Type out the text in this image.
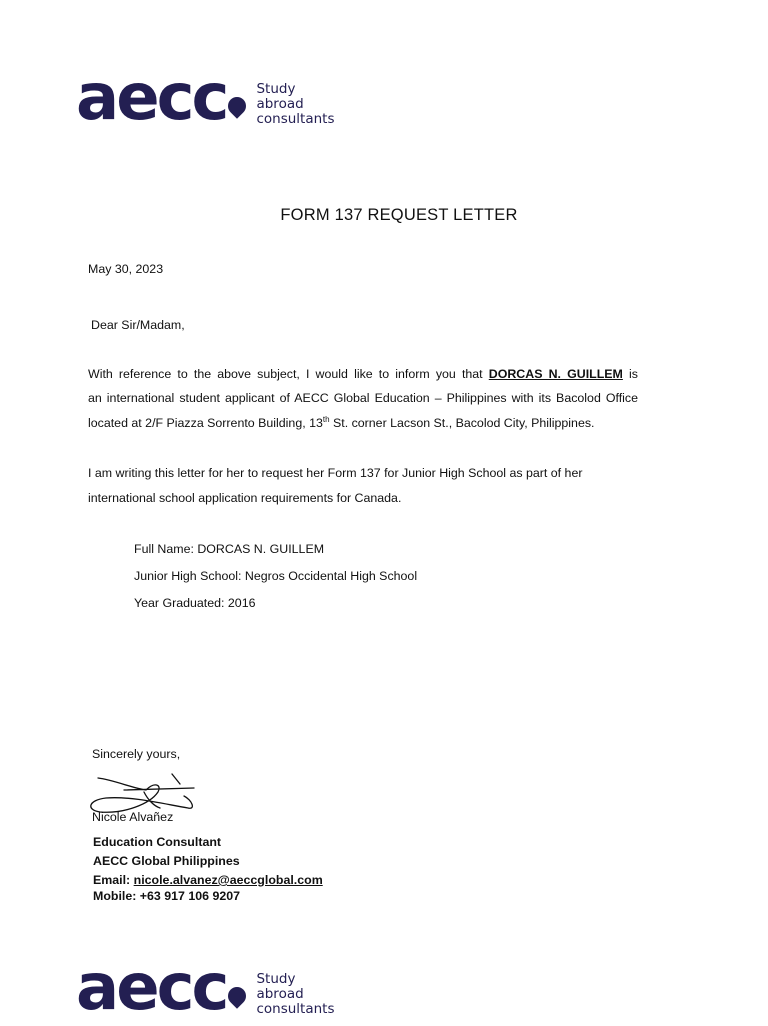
aecc Study
abroad
consultants
FORM 137 REQUEST LETTER
May 30, 2023
Dear Sir/Madam,
With reference to the above subject, I would like to inform you that DORCAS N. GUILLEM is
an international student applicant of AECC Global Education – Philippines with its Bacolod Office
located at 2/F Piazza Sorrento Building, 13th St. corner Lacson St., Bacolod City, Philippines.
I am writing this letter for her to request her Form 137 for Junior High School as part of her
international school application requirements for Canada.
Full Name: DORCAS N. GUILLEM
Junior High School: Negros Occidental High School
Year Graduated: 2016
Sincerely yours,
Nicole Alvañez
Education Consultant
AECC Global Philippines
Email: nicole.alvanez@aeccglobal.com
Mobile: +63 917 106 9207
aecc Study
abroad
consultants
